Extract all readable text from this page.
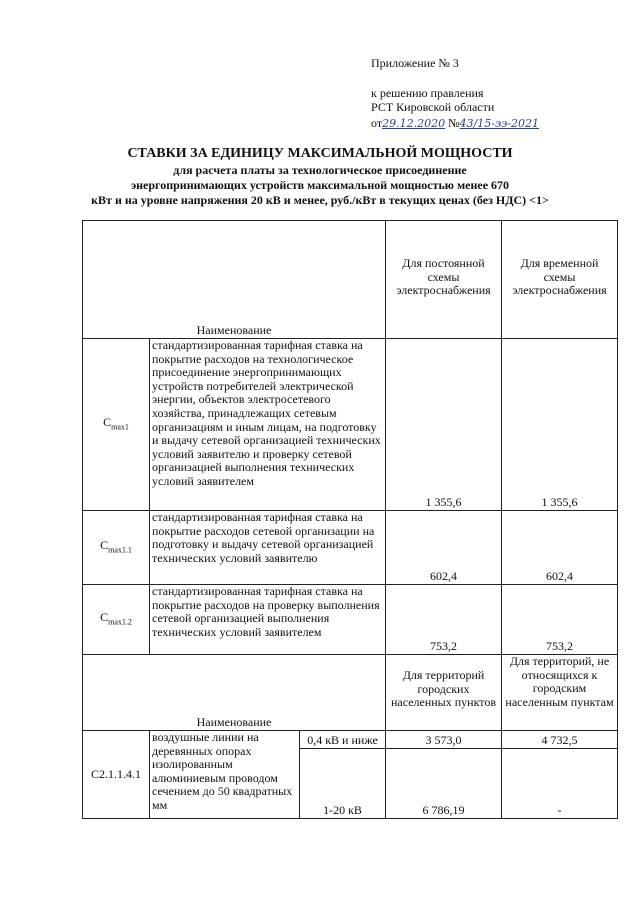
Приложение № 3
к решению правления
РСТ Кировской области
от29.12.2020 №43/15-ээ-2021
СТАВКИ ЗА ЕДИНИЦУ МАКСИМАЛЬНОЙ МОЩНОСТИ
для расчета платы за технологическое присоединение
энергопринимающих устройств максимальной мощностью менее 670
кВт и на уровне напряжения 20 кВ и менее, руб./кВт в текущих ценах (без НДС) <1>
Наименование			Для постоянной схемы электроснабжения	Для временной схемы электроснабжения
$C_{max1}$	стандартизированная тарифная ставка на покрытие расходов на технологическое присоединение энергопринимающих устройств потребителей электрической энергии, объектов электросетевого хозяйства, принадлежащих сетевым организациям и иным лицам, на подготовку и выдачу сетевой организацией технических условий заявителю и проверку сетевой организацией выполнения технических условий заявителем		1 355,6	1 355,6
$C_{max1.1}$	стандартизированная тарифная ставка на покрытие расходов сетевой организации на подготовку и выдачу сетевой организацией технических условий заявителю		602,4	602,4
$C_{max1.2}$	стандартизированная тарифная ставка на покрытие расходов на проверку выполнения сетевой организацией выполнения технических условий заявителем		753,2	753,2
Наименование			Для территорий городских населенных пунктов	Для территорий, не относящихся к городским населенным пунктам
С2.1.1.4.1	воздушные линии на деревянных опорах изолированным алюминиевым проводом сечением до 50 квадратных мм	0,4 кВ и ниже	3 573,0	4 732,5
		1-20 кВ	6 786,19	-
